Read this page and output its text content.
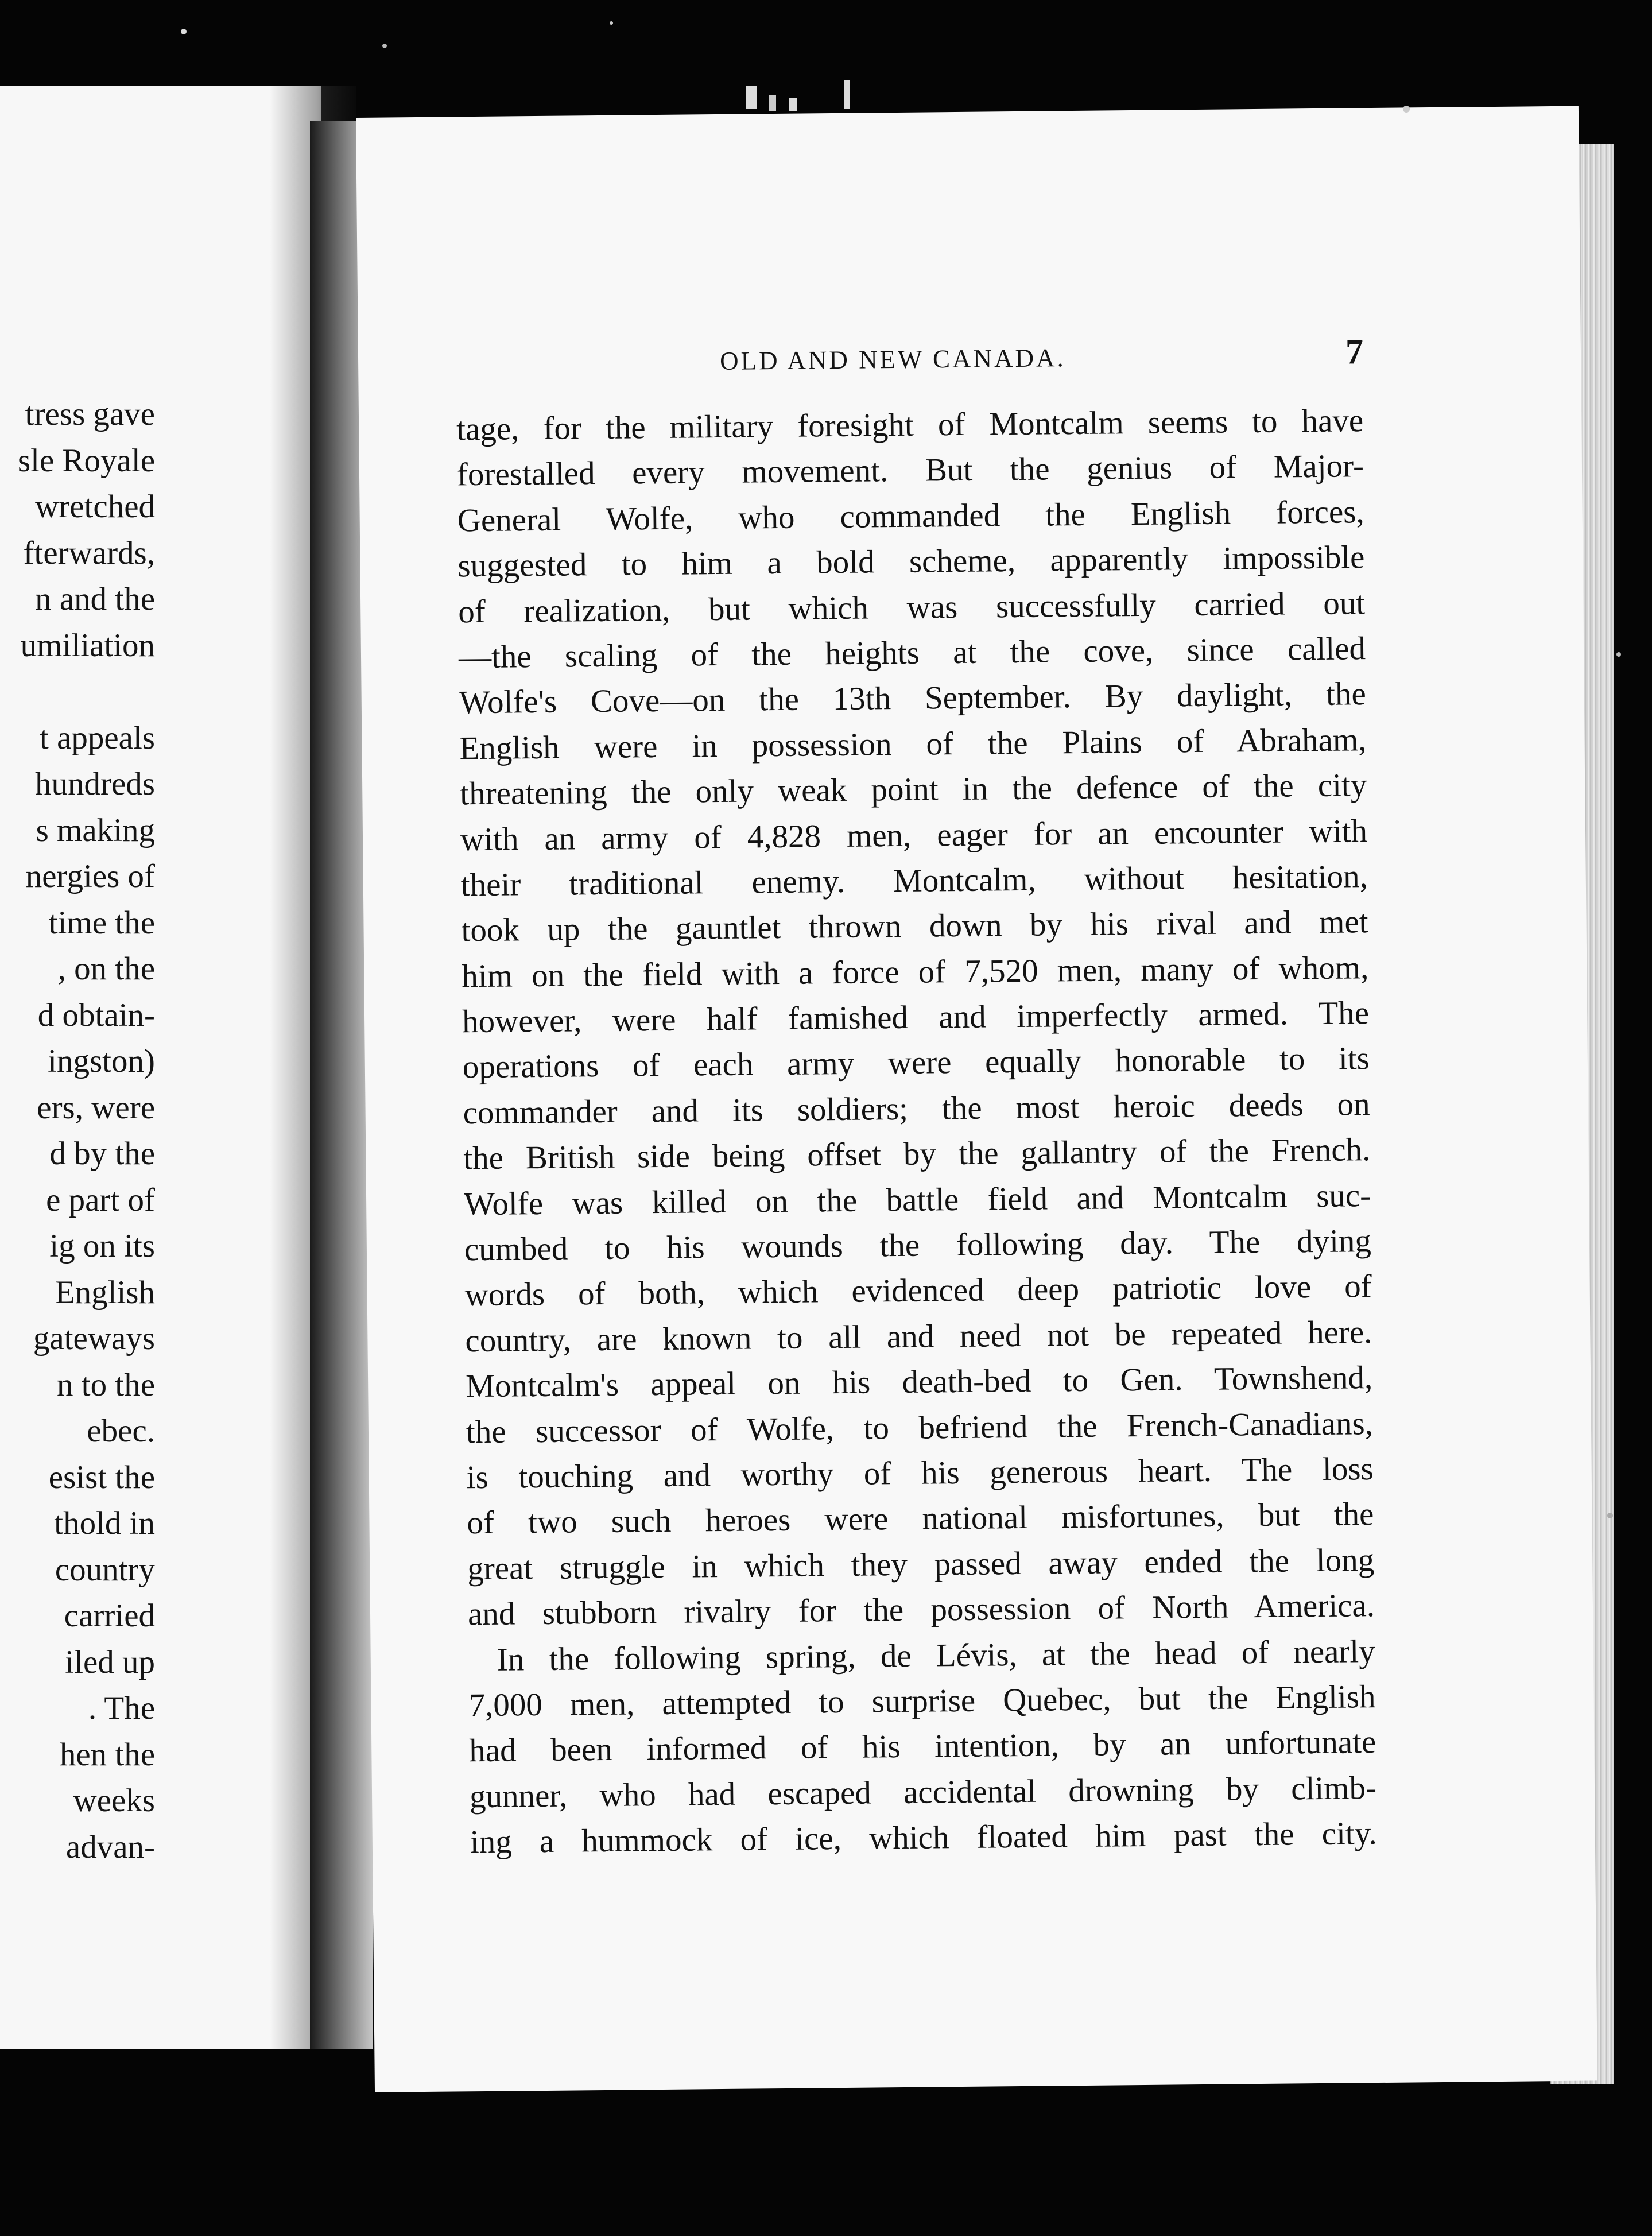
tress gave
sle Royale
wretched
fterwards,
n and the
umiliation
t appeals
hundreds
s making
nergies of
time the
, on the
d obtain-
ingston)
ers, were
d by the
e part of
ig on its
English
gateways
n to the
ebec.
esist the
thold in
country
carried
iled up
. The
hen the
weeks
advan-
OLD AND NEW CANADA.	7
tage, for the military foresight of Montcalm seems to have
forestalled every movement. But the genius of Major-
General Wolfe, who commanded the English forces,
suggested to him a bold scheme, apparently impossible
of realization, but which was successfully carried out
—the scaling of the heights at the cove, since called
Wolfe's Cove—on the 13th September. By daylight, the
English were in possession of the Plains of Abraham,
threatening the only weak point in the defence of the city
with an army of 4,828 men, eager for an encounter with
their traditional enemy. Montcalm, without hesitation,
took up the gauntlet thrown down by his rival and met
him on the field with a force of 7,520 men, many of whom,
however, were half famished and imperfectly armed. The
operations of each army were equally honorable to its
commander and its soldiers; the most heroic deeds on
the British side being offset by the gallantry of the French.
Wolfe was killed on the battle field and Montcalm suc-
cumbed to his wounds the following day. The dying
words of both, which evidenced deep patriotic love of
country, are known to all and need not be repeated here.
Montcalm's appeal on his death-bed to Gen. Townshend,
the successor of Wolfe, to befriend the French-Canadians,
is touching and worthy of his generous heart. The loss
of two such heroes were national misfortunes, but the
great struggle in which they passed away ended the long
and stubborn rivalry for the possession of North America.
In the following spring, de Lévis, at the head of nearly
7,000 men, attempted to surprise Quebec, but the English
had been informed of his intention, by an unfortunate
gunner, who had escaped accidental drowning by climb-
ing a hummock of ice, which floated him past the city.
